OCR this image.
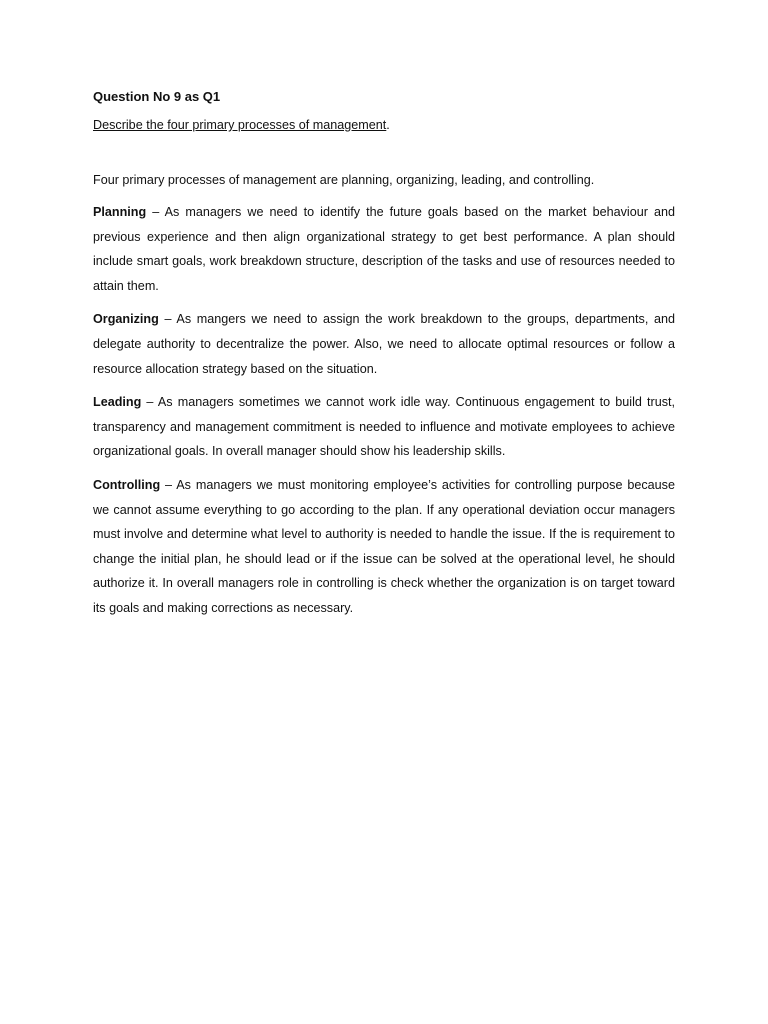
Question No 9 as Q1

Describe the four primary processes of management.

Four primary processes of management are planning, organizing, leading, and controlling.

Planning – As managers we need to identify the future goals based on the market behaviour and previous experience and then align organizational strategy to get best performance. A plan should include smart goals, work breakdown structure, description of the tasks and use of resources needed to attain them.

Organizing – As mangers we need to assign the work breakdown to the groups, departments, and delegate authority to decentralize the power. Also, we need to allocate optimal resources or follow a resource allocation strategy based on the situation.

Leading – As managers sometimes we cannot work idle way. Continuous engagement to build trust, transparency and management commitment is needed to influence and motivate employees to achieve organizational goals. In overall manager should show his leadership skills.

Controlling – As managers we must monitoring employee’s activities for controlling purpose because we cannot assume everything to go according to the plan. If any operational deviation occur managers must involve and determine what level to authority is needed to handle the issue. If the is requirement to change the initial plan, he should lead or if the issue can be solved at the operational level, he should authorize it. In overall managers role in controlling is check whether the organization is on target toward its goals and making corrections as necessary.
